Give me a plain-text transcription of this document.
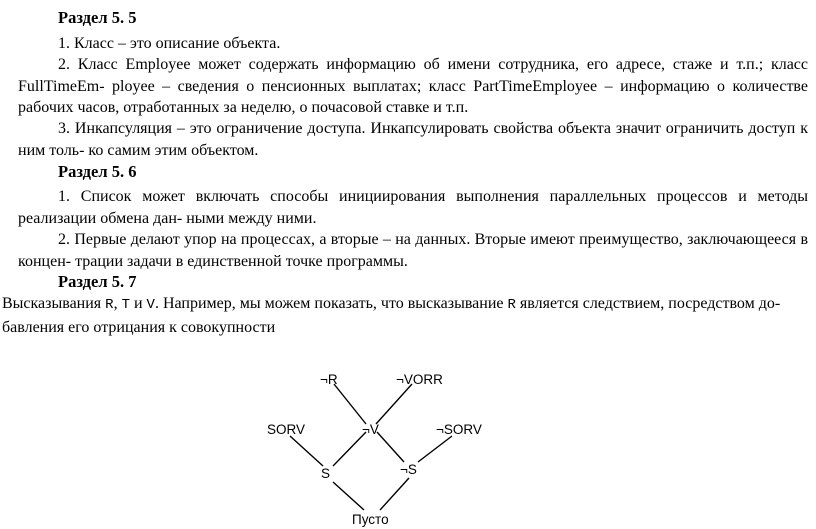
Раздел 5. 5
1. Класс – это описание объекта.
2. Класс Employee может содержать информацию об имени сотрудника, его адресе, стаже и т.п.; класс FullTimeEm- ployee – сведения о пенсионных выплатах; класс PartTimeEmployee – информацию о количестве рабочих часов, отработанных за неделю, о почасовой ставке и т.п.
3. Инкапсуляция – это ограничение доступа. Инкапсулировать свойства объекта значит ограничить доступ к ним толь- ко самим этим объектом.
Раздел 5. 6
1. Список может включать способы инициирования выполнения параллельных процессов и методы реализации обмена дан- ными между ними.
2. Первые делают упор на процессах, а вторые – на данных. Вторые имеют преимущество, заключающееся в концен- трации задачи в единственной точке программы.
Раздел 5. 7
Высказывания R, T и V. Например, мы можем показать, что высказывание R является следствием, посредством до- бавления его отрицания к совокупности
¬R	¬VORR
SORV	¬V	¬SORV
S	¬S
Пусто
